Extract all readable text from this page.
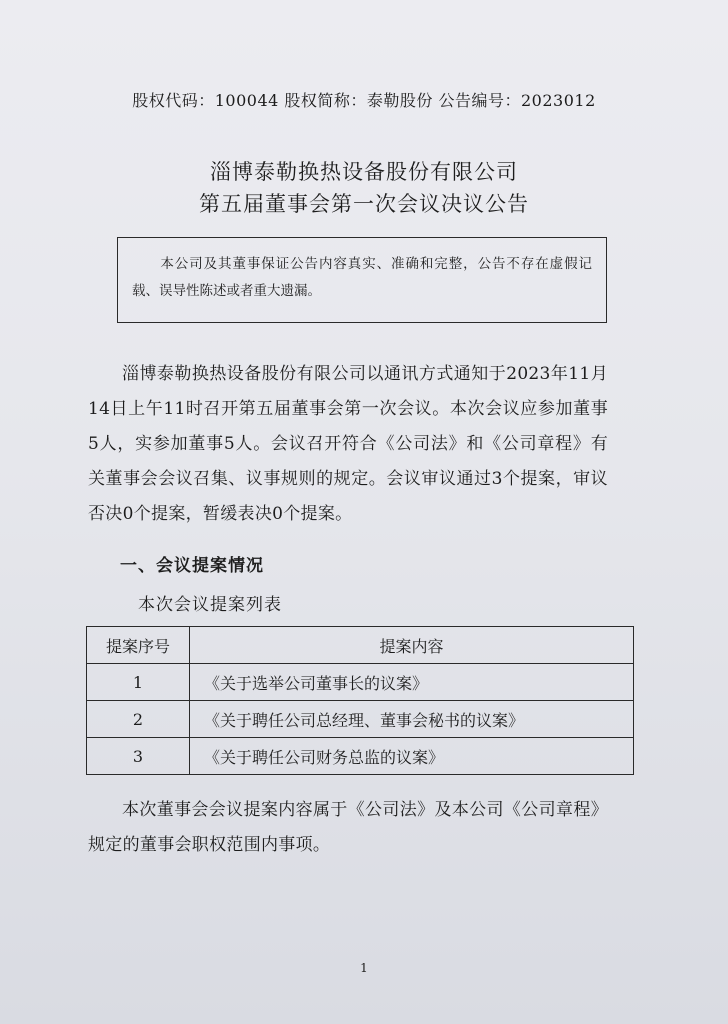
股权代码：100044 股权简称：泰勒股份 公告编号：2023012
淄博泰勒换热设备股份有限公司
第五届董事会第一次会议决议公告
本公司及其董事保证公告内容真实、准确和完整，公告不存在虚假记载、误导性陈述或者重大遗漏。
淄博泰勒换热设备股份有限公司以通讯方式通知于2023年11月14日上午11时召开第五届董事会第一次会议。本次会议应参加董事5人，实参加董事5人。会议召开符合《公司法》和《公司章程》有关董事会会议召集、议事规则的规定。会议审议通过3个提案，审议否决0个提案，暂缓表决0个提案。
一、会议提案情况
本次会议提案列表
提案序号	提案内容
1	《关于选举公司董事长的议案》
2	《关于聘任公司总经理、董事会秘书的议案》
3	《关于聘任公司财务总监的议案》
本次董事会会议提案内容属于《公司法》及本公司《公司章程》规定的董事会职权范围内事项。
1
